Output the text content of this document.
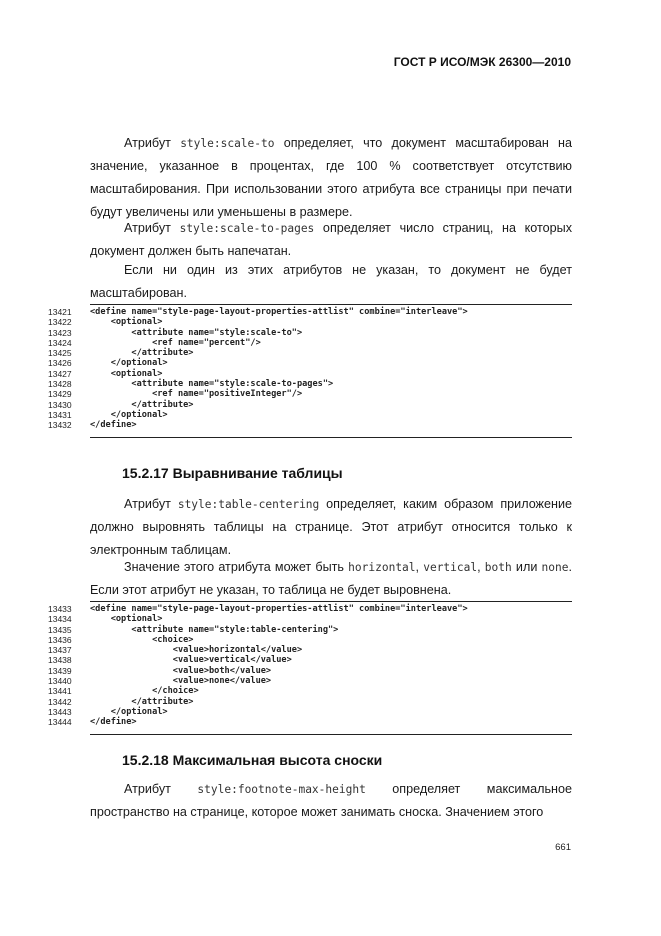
ГОСТ Р ИСО/МЭК 26300—2010
Атрибут style:scale-to определяет, что документ масштабирован на значение, указанное в процентах, где 100 % соответствует отсутствию масштабирования. При использовании этого атрибута все страницы при печати будут увеличены или уменьшены в размере.
Атрибут style:scale-to-pages определяет число страниц, на которых документ должен быть напечатан.
Если ни один из этих атрибутов не указан, то документ не будет масштабирован.
13421
13422
13423
13424
13425
13426
13427
13428
13429
13430
13431
13432
<define name="style-page-layout-properties-attlist" combine="interleave">
<optional>
<attribute name="style:scale-to">
<ref name="percent"/>
</attribute>
</optional>
<optional>
<attribute name="style:scale-to-pages">
<ref name="positiveInteger"/>
</attribute>
</optional>
</define>
15.2.17 Выравнивание таблицы
Атрибут style:table-centering определяет, каким образом приложение должно выровнять таблицы на странице. Этот атрибут относится только к электронным таблицам.
Значение этого атрибута может быть horizontal, vertical, both или none. Если этот атрибут не указан, то таблица не будет выровнена.
13433
13434
13435
13436
13437
13438
13439
13440
13441
13442
13443
13444
<define name="style-page-layout-properties-attlist" combine="interleave">
<optional>
<attribute name="style:table-centering">
<choice>
<value>horizontal</value>
<value>vertical</value>
<value>both</value>
<value>none</value>
</choice>
</attribute>
</optional>
</define>
15.2.18 Максимальная высота сноски
Атрибут style:footnote-max-height определяет максимальное пространство на странице, которое может занимать сноска. Значением этого
661
